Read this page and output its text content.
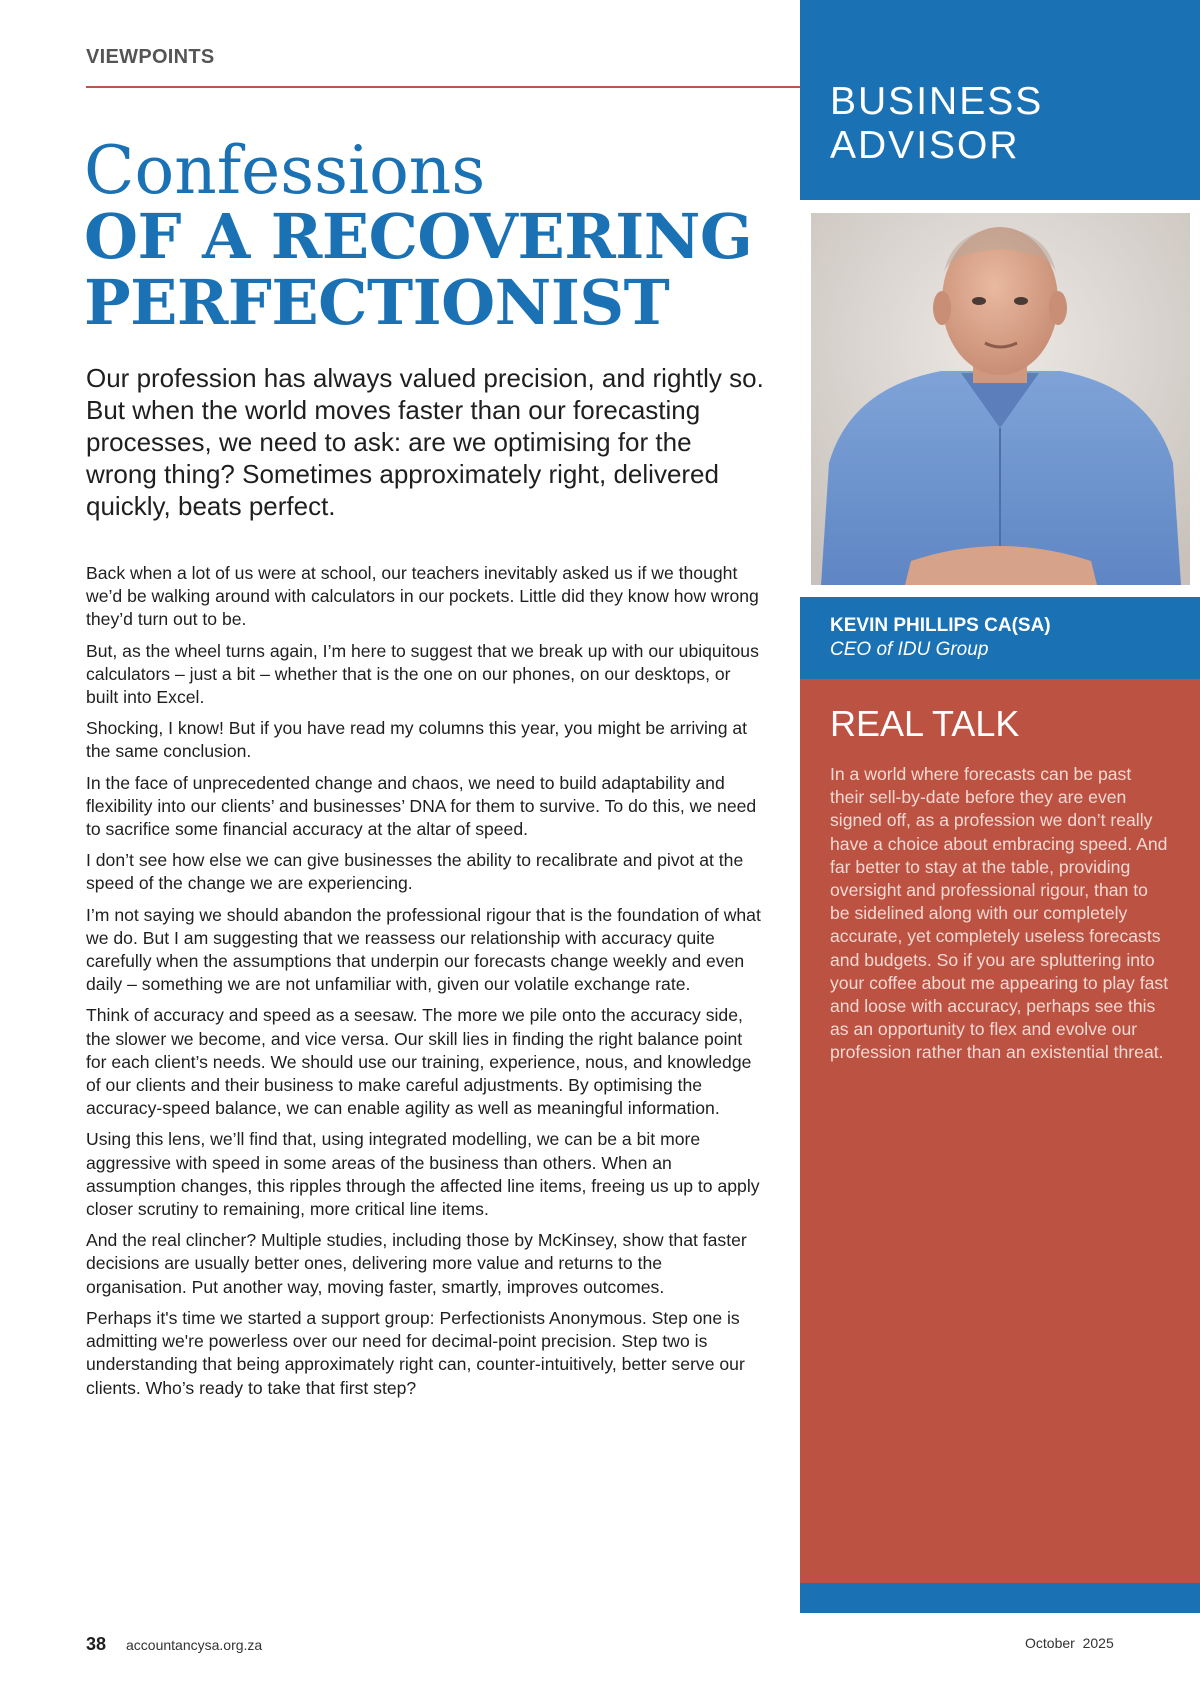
VIEWPOINTS
Confessions
OF A RECOVERING
PERFECTIONIST
Our profession has always valued precision, and rightly so. But when the world moves faster than our forecasting processes, we need to ask: are we optimising for the wrong thing? Sometimes approximately right, delivered quickly, beats perfect.

Back when a lot of us were at school, our teachers inevitably asked us if we thought we’d be walking around with calculators in our pockets. Little did they know how wrong they’d turn out to be.

But, as the wheel turns again, I’m here to suggest that we break up with our ubiquitous calculators – just a bit – whether that is the one on our phones, on our desktops, or built into Excel.

Shocking, I know! But if you have read my columns this year, you might be arriving at the same conclusion.

In the face of unprecedented change and chaos, we need to build adaptability and flexibility into our clients’ and businesses’ DNA for them to survive. To do this, we need to sacrifice some financial accuracy at the altar of speed.

I don’t see how else we can give businesses the ability to recalibrate and pivot at the speed of the change we are experiencing.

I’m not saying we should abandon the professional rigour that is the foundation of what we do. But I am suggesting that we reassess our relationship with accuracy quite carefully when the assumptions that underpin our forecasts change weekly and even daily – something we are not unfamiliar with, given our volatile exchange rate.

Think of accuracy and speed as a seesaw. The more we pile onto the accuracy side, the slower we become, and vice versa. Our skill lies in finding the right balance point for each client’s needs. We should use our training, experience, nous, and knowledge of our clients and their business to make careful adjustments. By optimising the accuracy-speed balance, we can enable agility as well as meaningful information.

Using this lens, we’ll find that, using integrated modelling, we can be a bit more aggressive with speed in some areas of the business than others. When an assumption changes, this ripples through the affected line items, freeing us up to apply closer scrutiny to remaining, more critical line items.

And the real clincher? Multiple studies, including those by McKinsey, show that faster decisions are usually better ones, delivering more value and returns to the organisation. Put another way, moving faster, smartly, improves outcomes.

Perhaps it's time we started a support group: Perfectionists Anonymous. Step one is admitting we're powerless over our need for decimal-point precision. Step two is understanding that being approximately right can, counter-intuitively, better serve our clients. Who’s ready to take that first step?

BUSINESS
ADVISOR
KEVIN PHILLIPS CA(SA)
CEO of IDU Group
REAL TALK
In a world where forecasts can be past their sell-by-date before they are even signed off, as a profession we don’t really have a choice about embracing speed. And far better to stay at the table, providing oversight and professional rigour, than to be sidelined along with our completely accurate, yet completely useless forecasts and budgets. So if you are spluttering into your coffee about me appearing to play fast and loose with accuracy, perhaps see this as an opportunity to flex and evolve our profession rather than an existential threat.
38 accountancysa.org.za	October  2025
